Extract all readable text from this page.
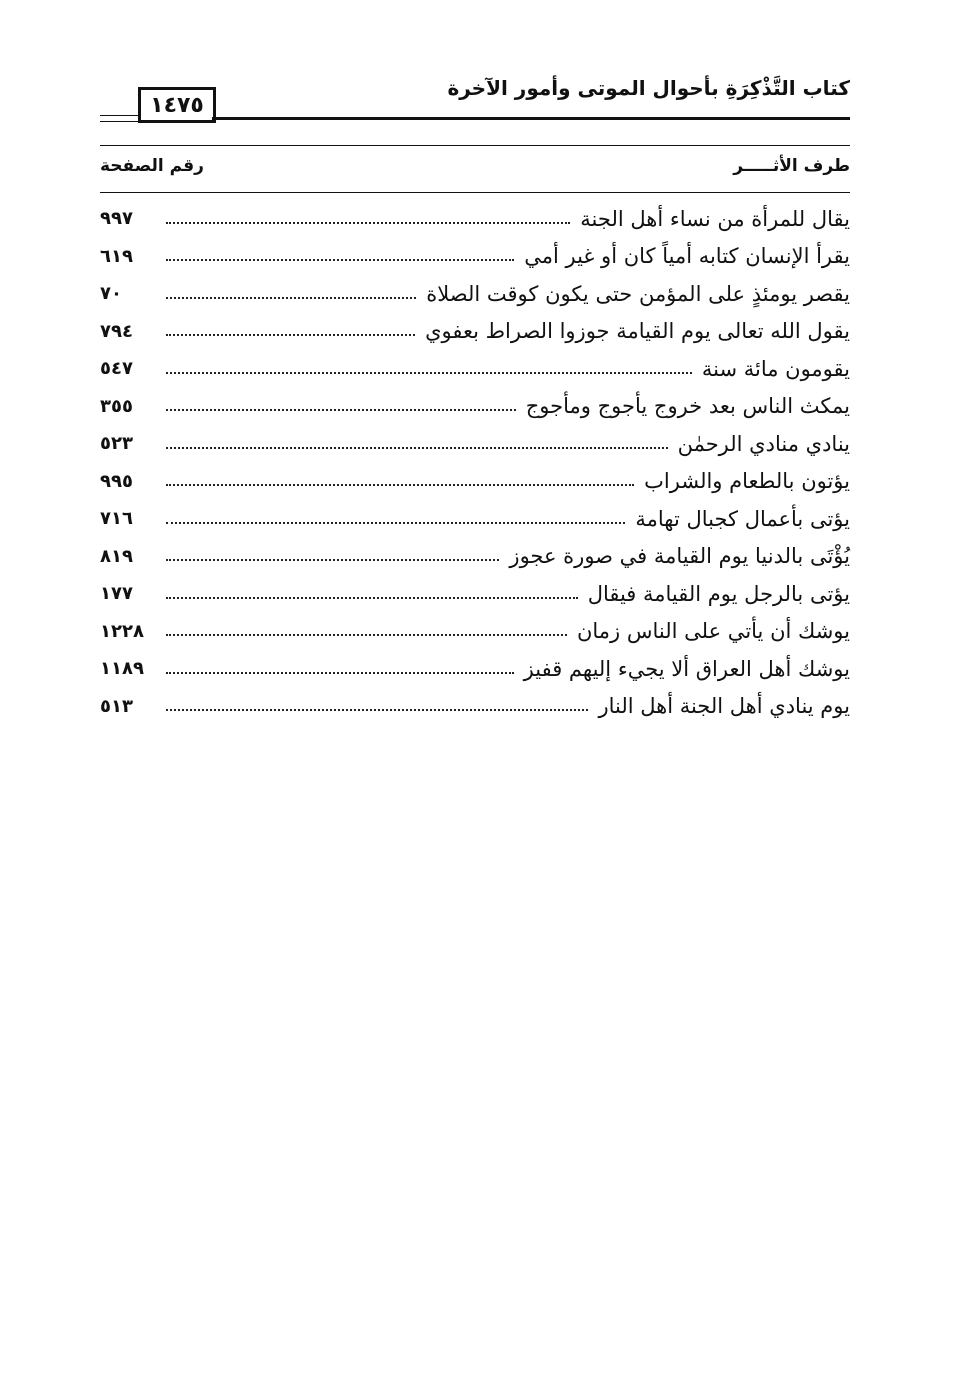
كتاب التَّذْكِرَةِ بأحوال الموتى وأمور الآخرة
١٤٧٥
طرف الأثـــــر
رقم الصفحة
يقال للمرأة من نساء أهل الجنة
٩٩٧
يقرأ الإنسان كتابه أمياً كان أو غير أمي
٦١٩
يقصر يومئذٍ على المؤمن حتى يكون كوقت الصلاة
٧٠
يقول الله تعالى يوم القيامة جوزوا الصراط بعفوي
٧٩٤
يقومون مائة سنة
٥٤٧
يمكث الناس بعد خروج يأجوج ومأجوج
٣٥٥
ينادي منادي الرحمٰن
٥٢٣
يؤتون بالطعام والشراب
٩٩٥
يؤتى بأعمال كجبال تهامة
٧١٦
يُؤْتَى بالدنيا يوم القيامة في صورة عجوز
٨١٩
يؤتى بالرجل يوم القيامة فيقال
١٧٧
يوشك أن يأتي على الناس زمان
١٢٢٨
يوشك أهل العراق ألا يجيء إليهم قفيز
١١٨٩
يوم ينادي أهل الجنة أهل النار
٥١٣
